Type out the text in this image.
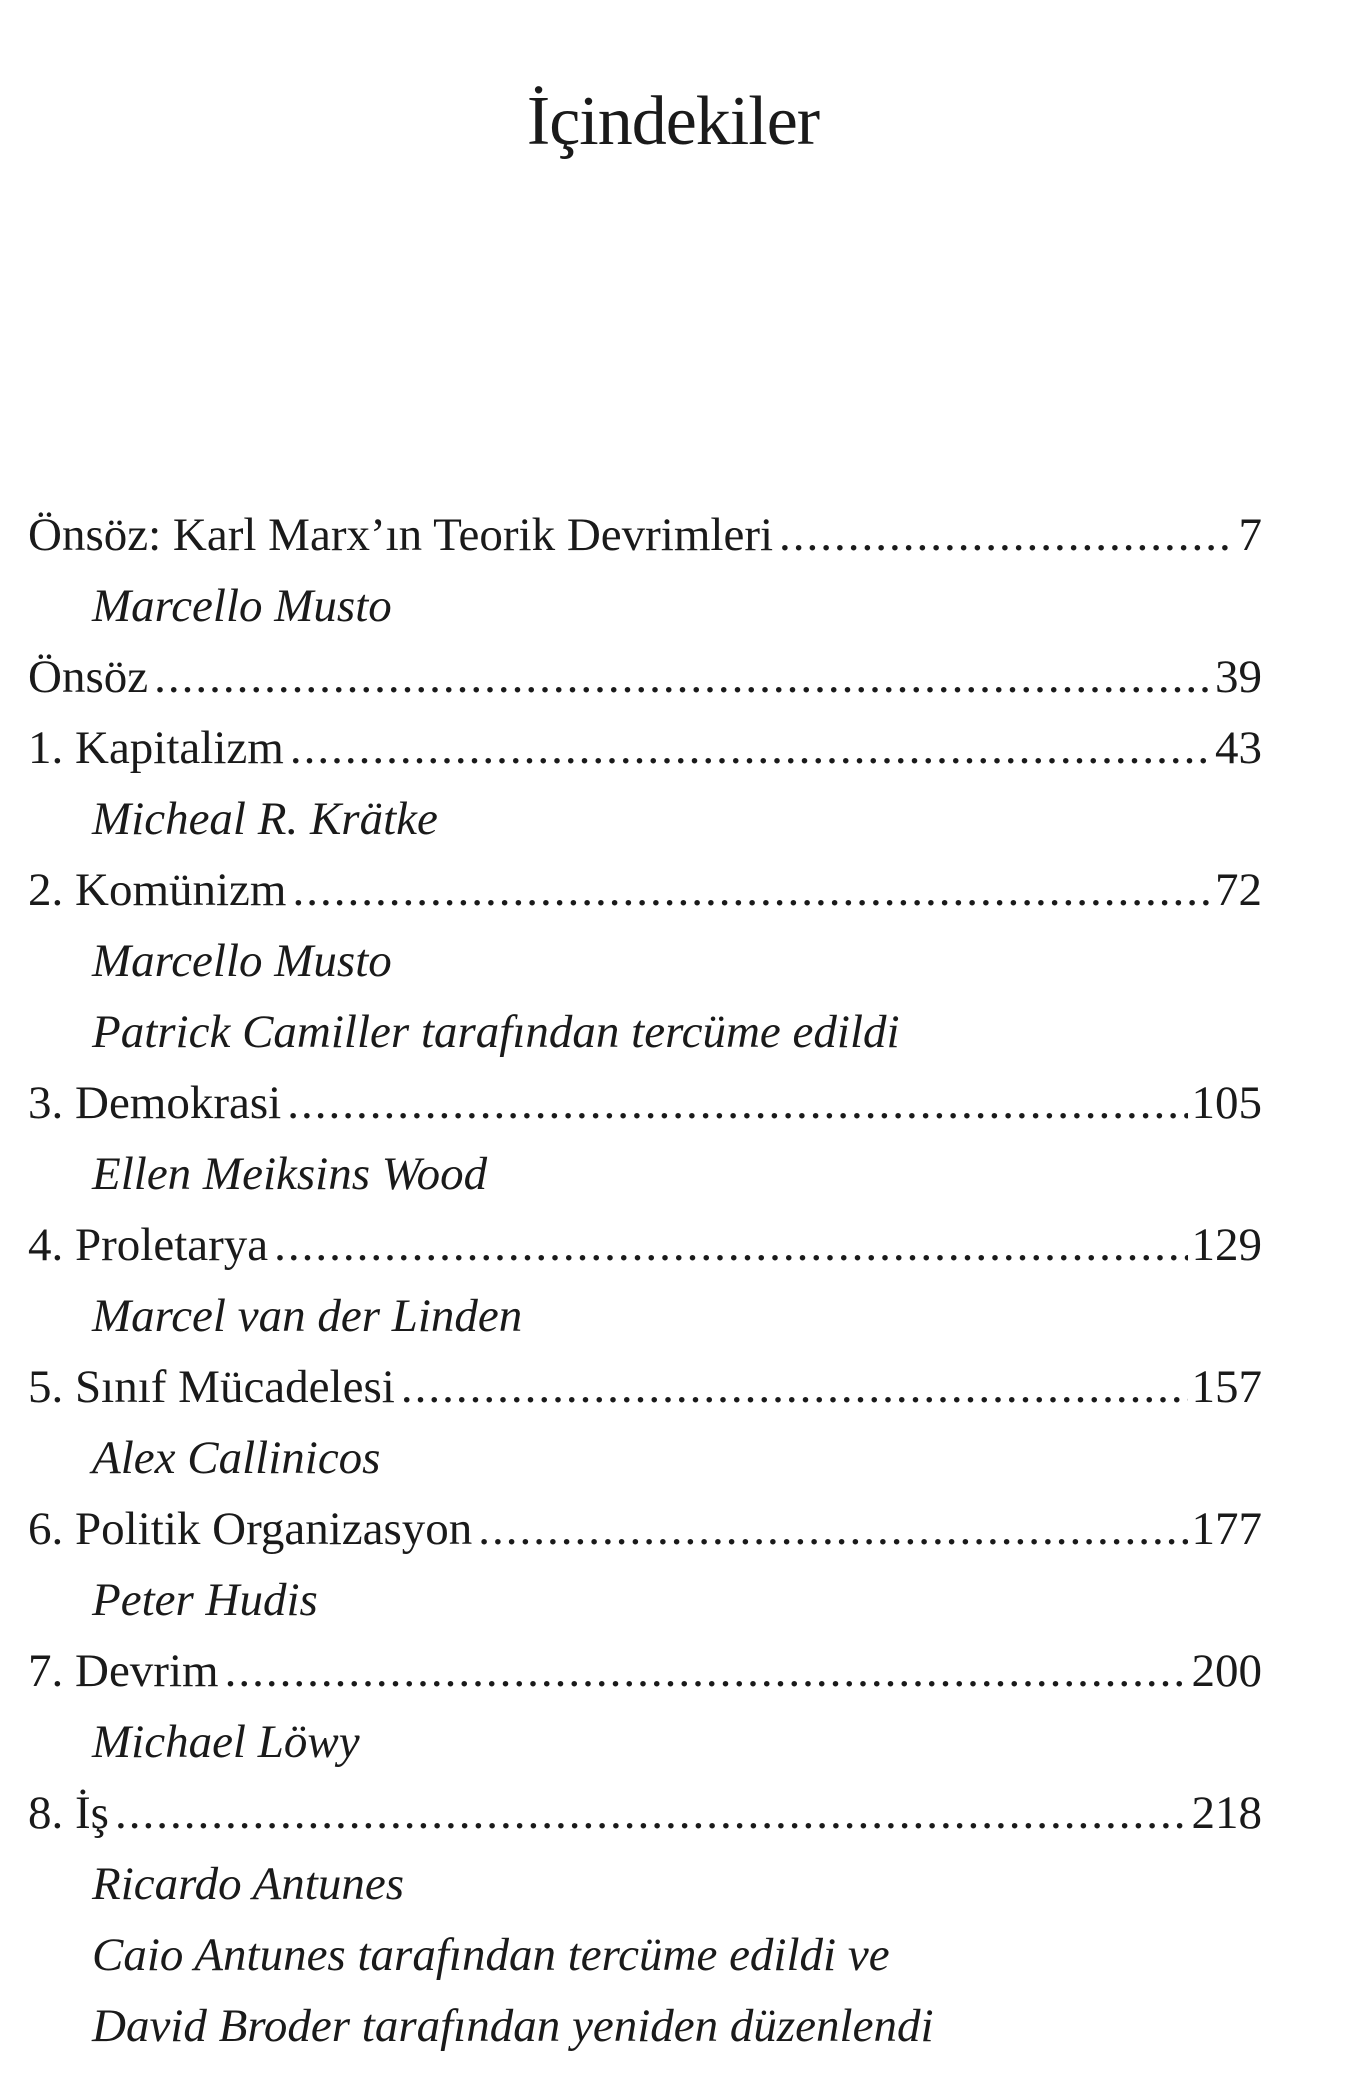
İçindekiler
Önsöz: Karl Marx’ın Teorik Devrimleri .....	7
Marcello Musto
Önsöz .....	39
1. Kapitalizm .....	43
Micheal R. Krätke
2. Komünizm .....	72
Marcello Musto
Patrick Camiller tarafından tercüme edildi
3. Demokrasi .....	105
Ellen Meiksins Wood
4. Proletarya .....	129
Marcel van der Linden
5. Sınıf Mücadelesi .....	157
Alex Callinicos
6. Politik Organizasyon .....	177
Peter Hudis
7. Devrim .....	200
Michael Löwy
8. İş .....	218
Ricardo Antunes
Caio Antunes tarafından tercüme edildi ve
David Broder tarafından yeniden düzenlendi
